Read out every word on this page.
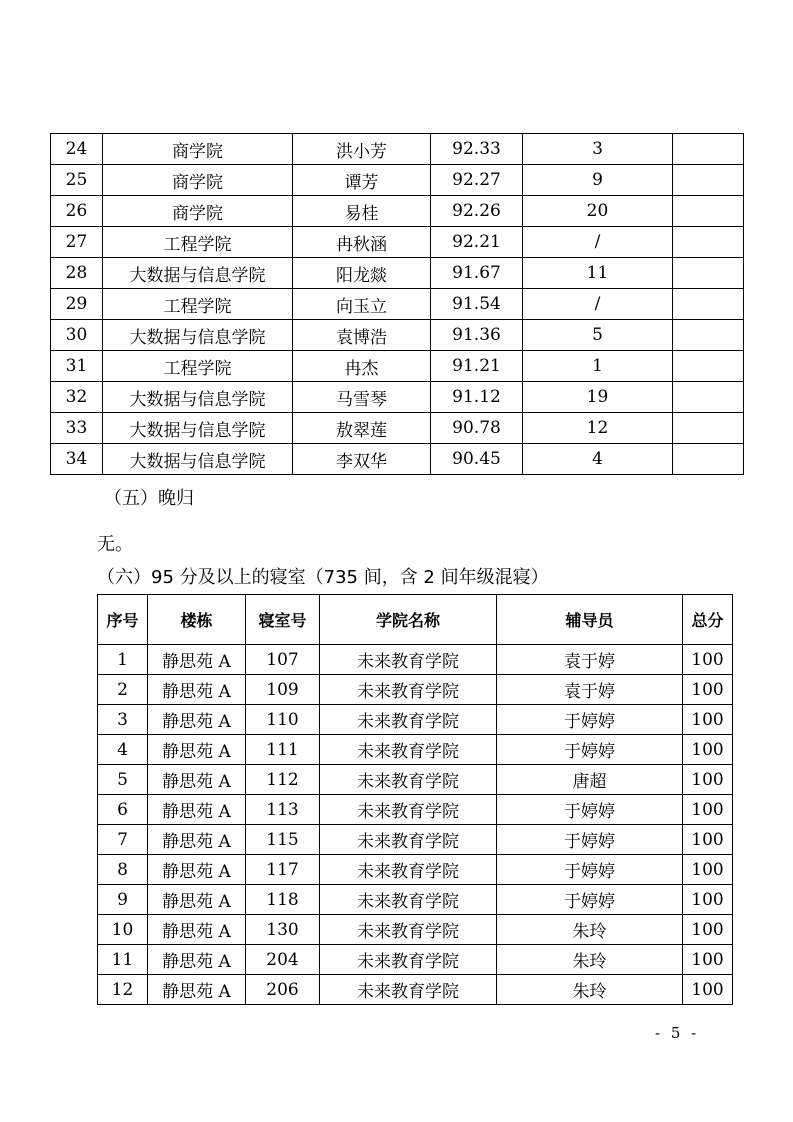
24	商学院	洪小芳	92.33	3	
25	商学院	谭芳	92.27	9	
26	商学院	易桂	92.26	20	
27	工程学院	冉秋涵	92.21	/	
28	大数据与信息学院	阳龙燚	91.67	11	
29	工程学院	向玉立	91.54	/	
30	大数据与信息学院	袁博浩	91.36	5	
31	工程学院	冉杰	91.21	1	
32	大数据与信息学院	马雪琴	91.12	19	
33	大数据与信息学院	敖翠莲	90.78	12	
34	大数据与信息学院	李双华	90.45	4	
（五）晚归
无。
（六）95 分及以上的寝室（735 间，含 2 间年级混寝）
序号	楼栋	寝室号	学院名称	辅导员	总分
1	静思苑 A	107	未来教育学院	袁于婷	100
2	静思苑 A	109	未来教育学院	袁于婷	100
3	静思苑 A	110	未来教育学院	于婷婷	100
4	静思苑 A	111	未来教育学院	于婷婷	100
5	静思苑 A	112	未来教育学院	唐超	100
6	静思苑 A	113	未来教育学院	于婷婷	100
7	静思苑 A	115	未来教育学院	于婷婷	100
8	静思苑 A	117	未来教育学院	于婷婷	100
9	静思苑 A	118	未来教育学院	于婷婷	100
10	静思苑 A	130	未来教育学院	朱玲	100
11	静思苑 A	204	未来教育学院	朱玲	100
12	静思苑 A	206	未来教育学院	朱玲	100
- 5 -
